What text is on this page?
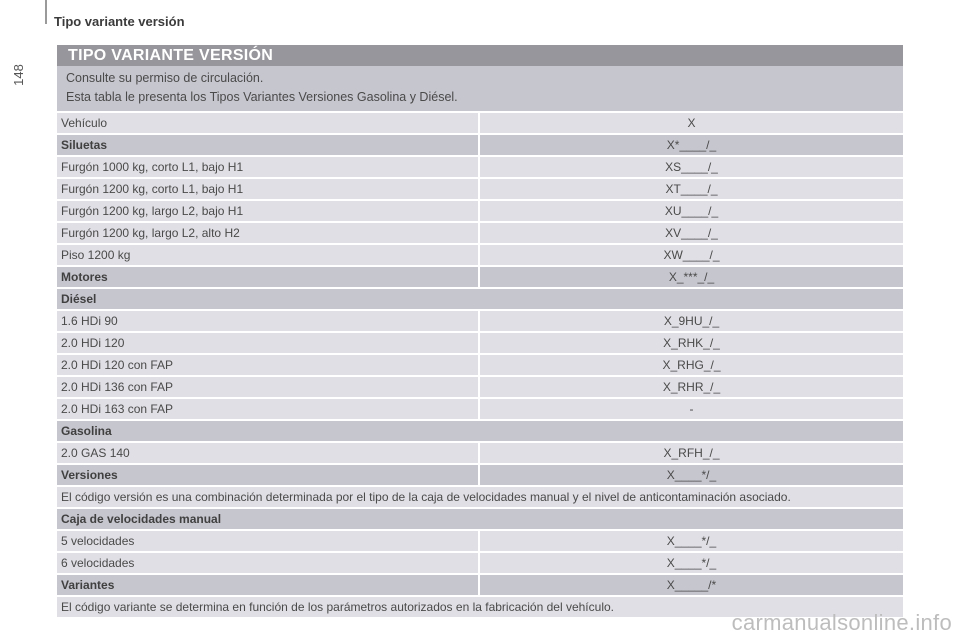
148
Tipo variante versión
TIPO VARIANTE VERSIÓN
Consulte su permiso de circulación.
Esta tabla le presenta los Tipos Variantes Versiones Gasolina y Diésel.
Vehículo	X
Siluetas	X*____/_
Furgón 1000 kg, corto L1, bajo H1	XS____/_
Furgón 1200 kg, corto L1, bajo H1	XT____/_
Furgón 1200 kg, largo L2, bajo H1	XU____/_
Furgón 1200 kg, largo L2, alto H2	XV____/_
Piso 1200 kg	XW____/_
Motores	X_***_/_
Diésel
1.6 HDi 90	X_9HU_/_
2.0 HDi 120	X_RHK_/_
2.0 HDi 120 con FAP	X_RHG_/_
2.0 HDi 136 con FAP	X_RHR_/_
2.0 HDi 163 con FAP	-
Gasolina
2.0 GAS 140	X_RFH_/_
Versiones	X____*/_
El código versión es una combinación determinada por el tipo de la caja de velocidades manual y el nivel de anticontaminación asociado.
Caja de velocidades manual
5 velocidades	X____*/_
6 velocidades	X____*/_
Variantes	X_____/*
El código variante se determina en función de los parámetros autorizados en la fabricación del vehículo.
carmanualsonline.info
